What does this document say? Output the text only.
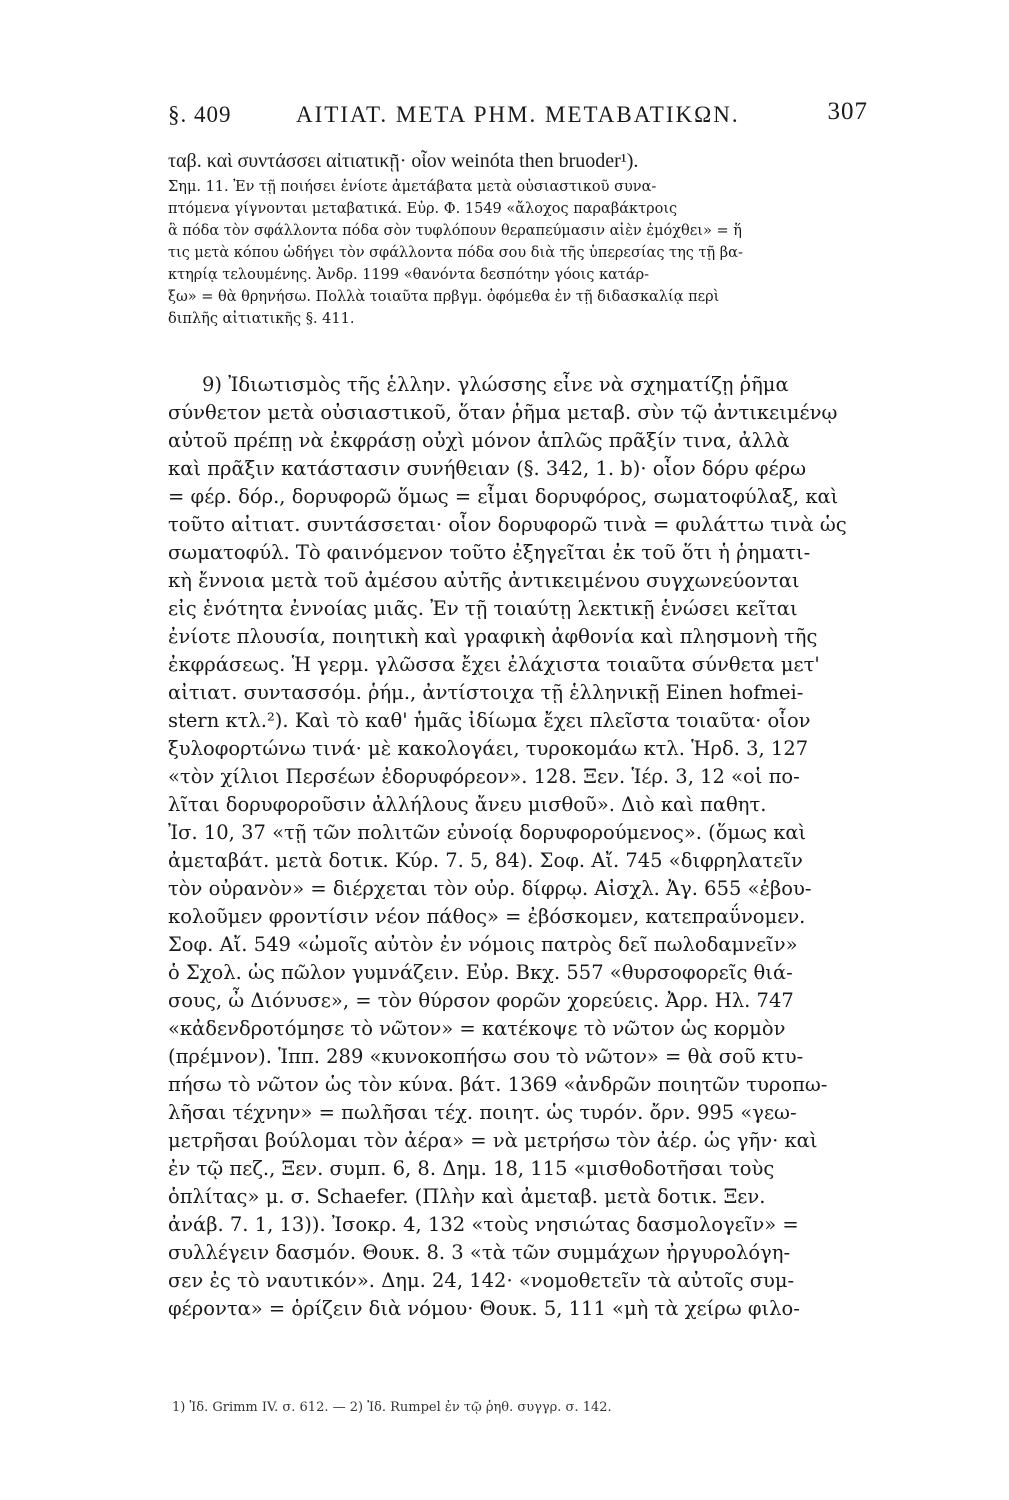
§. 409	ΑΙΤΙΑΤ. ΜΕΤΑ ΡΗΜ. ΜΕΤΑΒΑΤΙΚΩΝ.	307
ταβ. καὶ συντάσσει αἰτιατικῇ· οἷον weinóta then bruoder¹).
Σημ. 11. Ἐν τῇ ποιήσει ἐνίοτε ἀμετάβατα μετὰ οὐσιαστικοῦ συνα-
πτόμενα γίγνονται μεταβατικά. Εὐρ. Φ. 1549 «ἄλοχος παραβάκτροις
ἃ πόδα τὸν σφάλλοντα πόδα σὸν τυφλόπουν θεραπεύμασιν αἰὲν ἐμόχθει» = ἥ
τις μετὰ κόπου ὡδήγει τὸν σφάλλοντα πόδα σου διὰ τῆς ὑπερεσίας της τῇ βα-
κτηρίᾳ τελουμένης. Ἀνδρ. 1199 «θανόντα δεσπότην γόοις κατάρ-
ξω» = θὰ θρηνήσω. Πολλὰ τοιαῦτα πρβγμ. ὀφόμεθα ἐν τῇ διδασκαλίᾳ περὶ
διπλῆς αἰτιατικῆς §. 411.
9) Ἰδιωτισμὸς τῆς ἑλλην. γλώσσης εἶνε νὰ σχηματίζῃ ῥῆμα
σύνθετον μετὰ οὐσιαστικοῦ, ὅταν ῥῆμα μεταβ. σὺν τῷ ἀντικειμένῳ
αὐτοῦ πρέπῃ νὰ ἐκφράσῃ οὐχὶ μόνον ἁπλῶς πρᾶξίν τινα, ἀλλὰ
καὶ πρᾶξιν κατάστασιν συνήθειαν (§. 342, 1. b)· οἷον δόρυ φέρω
= φέρ. δόρ., δορυφορῶ ὅμως = εἶμαι δορυφόρος, σωματοφύλαξ, καὶ
τοῦτο αἰτιατ. συντάσσεται· οἷον δορυφορῶ τινὰ = φυλάττω τινὰ ὡς
σωματοφύλ. Τὸ φαινόμενον τοῦτο ἐξηγεῖται ἐκ τοῦ ὅτι ἡ ῥηματι-
κὴ ἔννοια μετὰ τοῦ ἀμέσου αὐτῆς ἀντικειμένου συγχωνεύονται
εἰς ἑνότητα ἐννοίας μιᾶς. Ἐν τῇ τοιαύτῃ λεκτικῇ ἑνώσει κεῖται
ἐνίοτε πλουσία, ποιητικὴ καὶ γραφικὴ ἀφθονία καὶ πλησμονὴ τῆς
ἐκφράσεως. Ἡ γερμ. γλῶσσα ἔχει ἐλάχιστα τοιαῦτα σύνθετα μετ'
αἰτιατ. συντασσόμ. ῥήμ., ἀντίστοιχα τῇ ἑλληνικῇ Einen hofmei-
stern κτλ.²). Καὶ τὸ καθ' ἡμᾶς ἰδίωμα ἔχει πλεῖστα τοιαῦτα· οἷον
ξυλοφορτώνω τινά· μὲ κακολογάει, τυροκομάω κτλ. Ἡρδ. 3, 127
«τὸν χίλιοι Περσέων ἐδορυφόρεον». 128. Ξεν. Ἱέρ. 3, 12 «οἱ πο-
λῖται δορυφοροῦσιν ἀλλήλους ἄνευ μισθοῦ». Διὸ καὶ παθητ.
Ἰσ. 10, 37 «τῇ τῶν πολιτῶν εὐνοίᾳ δορυφορούμενος». (ὅμως καὶ
ἀμεταβάτ. μετὰ δοτικ. Κύρ. 7. 5, 84). Σοφ. Αἴ. 745 «διφρηλατεῖν
τὸν οὐρανὸν» = διέρχεται τὸν οὐρ. δίφρῳ. Αἰσχλ. Ἀγ. 655 «ἐβου-
κολοῦμεν φροντίσιν νέον πάθος» = ἐβόσκομεν, κατεπραΰνομεν.
Σοφ. Αἴ. 549 «ὠμοῖς αὐτὸν ἐν νόμοις πατρὸς δεῖ πωλοδαμνεῖν»
ὁ Σχολ. ὡς πῶλον γυμνάζειν. Εὐρ. Βκχ. 557 «θυρσοφορεῖς θιά-
σους, ὦ Διόνυσε», = τὸν θύρσον φορῶν χορεύεις. Ἀρρ. Ηλ. 747
«κἀδενδροτόμησε τὸ νῶτον» = κατέκοψε τὸ νῶτον ὡς κορμὸν
(πρέμνον). Ἱππ. 289 «κυνοκοπήσω σου τὸ νῶτον» = θὰ σοῦ κτυ-
πήσω τὸ νῶτον ὡς τὸν κύνα. βάτ. 1369 «ἀνδρῶν ποιητῶν τυροπω-
λῆσαι τέχνην» = πωλῆσαι τέχ. ποιητ. ὡς τυρόν. ὄρν. 995 «γεω-
μετρῆσαι βούλομαι τὸν ἀέρα» = νὰ μετρήσω τὸν ἀέρ. ὡς γῆν· καὶ
ἐν τῷ πεζ., Ξεν. συμπ. 6, 8. Δημ. 18, 115 «μισθοδοτῆσαι τοὺς
ὁπλίτας» μ. σ. Schaefer. (Πλὴν καὶ ἀμεταβ. μετὰ δοτικ. Ξεν.
ἀνάβ. 7. 1, 13)). Ἰσοκρ. 4, 132 «τοὺς νησιώτας δασμολογεῖν» =
συλλέγειν δασμόν. Θουκ. 8. 3 «τὰ τῶν συμμάχων ἠργυρολόγη-
σεν ἐς τὸ ναυτικόν». Δημ. 24, 142· «νομοθετεῖν τὰ αὐτοῖς συμ-
φέροντα» = ὁρίζειν διὰ νόμου· Θουκ. 5, 111 «μὴ τὰ χείρω φιλο-
1) Ἰδ. Grimm IV. σ. 612. — 2) Ἰδ. Rumpel ἐν τῷ ῥηθ. συγγρ. σ. 142.
